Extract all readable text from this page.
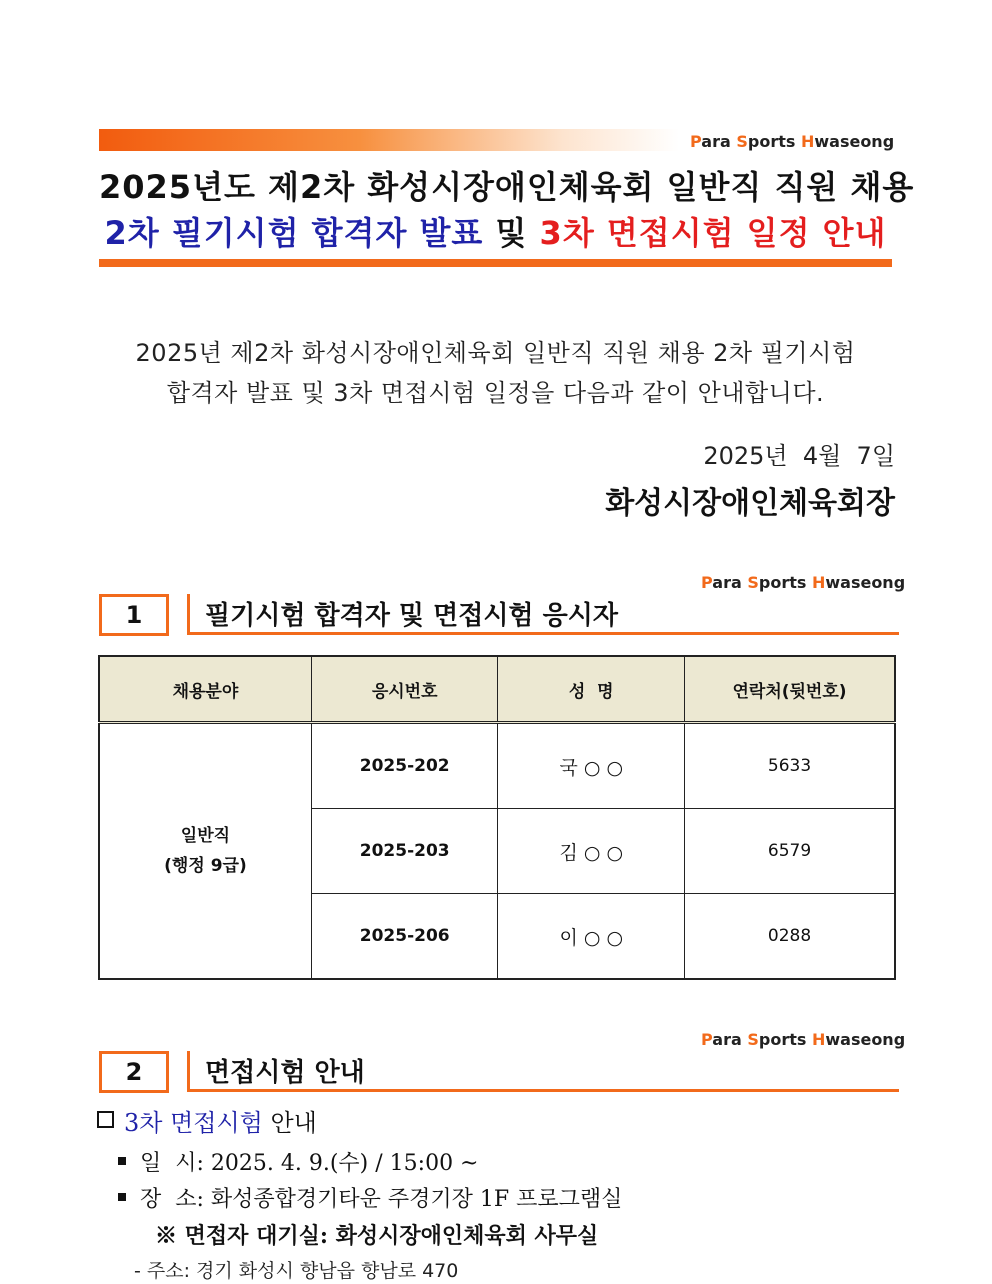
Para Sports Hwaseong
2025년도 제2차 화성시장애인체육회 일반직 직원 채용
2차 필기시험 합격자 발표 및 3차 면접시험 일정 안내
2025년 제2차 화성시장애인체육회 일반직 직원 채용 2차 필기시험
합격자 발표 및 3차 면접시험 일정을 다음과 같이 안내합니다.
2025년  4월  7일
화성시장애인체육회장
Para Sports Hwaseong
1	필기시험 합격자 및 면접시험 응시자
채용분야	응시번호	성  명	연락처(뒷번호)

일반직
(행정 9급)	2025-202	국 ○ ○	5633
	2025-203	김 ○ ○	6579
	2025-206	이 ○ ○	0288
Para Sports Hwaseong
2	면접시험 안내
3차 면접시험 안내
일  시: 2025. 4. 9.(수) / 15:00 ~
장  소: 화성종합경기타운 주경기장 1F 프로그램실
※ 면접자 대기실: 화성시장애인체육회 사무실
- 주소: 경기 화성시 향남읍 향남로 470
